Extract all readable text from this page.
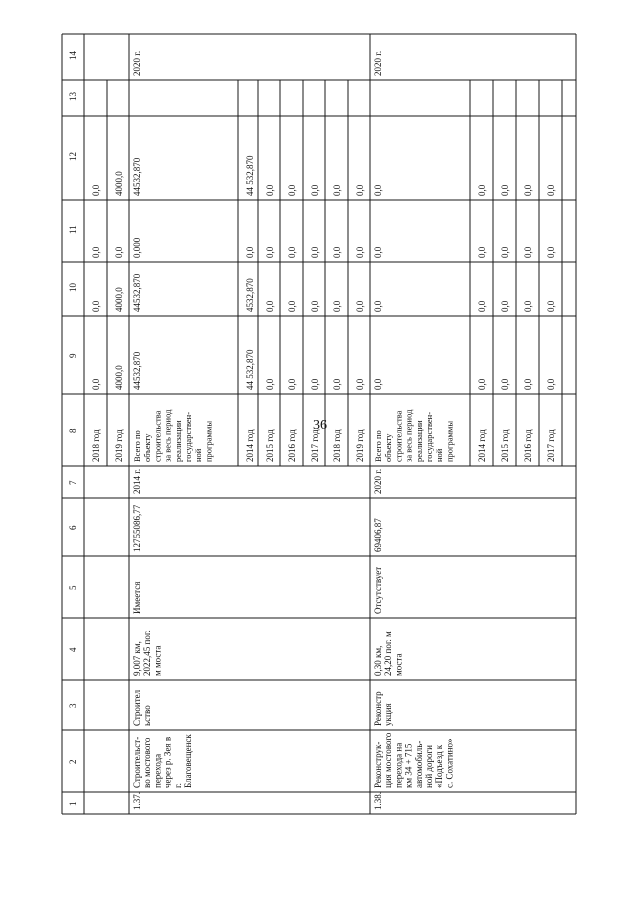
36
1
2
3
4
5
6
7
8
9
10
11
12
13
14
2018 год
0,0
0,0
0,0
0,0
2019 год
4000,0
4000,0
0,0
4000,0
1.37.
Строительст-во мостовогопереходачерез р. Зея вг.Благовещенск
Строительство
9,007 км,2022,45 пог.м моста
Имеется
12755086,77
2014 г.
2020 г.
Всего пообъектустроительстваза весь периодреализациигосударствен-нойпрограммы
44532,870
44532,870
0,000
44532,870
2014 год
44 532,870
4532,870
0,0
44 532,870
2015 год
0,0
0,0
0,0
0,0
2016 год
0,0
0,0
0,0
0,0
2017 год
0,0
0,0
0,0
0,0
2018 год
0,0
0,0
0,0
0,0
2019 год
0,0
0,0
0,0
0,0
1.38.
Реконструк-ция мостовогоперехода накм 34 + 715автомобиль-ной дороги«Подъезд кс. Сохатино»
Реконструкция
0,30 км,24,20 пог. ммоста
Отсутствует
69406,87
2020 г.
2020 г.
Всего пообъектустроительстваза весь периодреализациигосударствен-нойпрограммы
0,0
0,0
0,0
0,0
2014 год
0,0
0,0
0,0
0,0
2015 год
0,0
0,0
0,0
0,0
2016 год
0,0
0,0
0,0
0,0
2017 год
0,0
0,0
0,0
0,0
